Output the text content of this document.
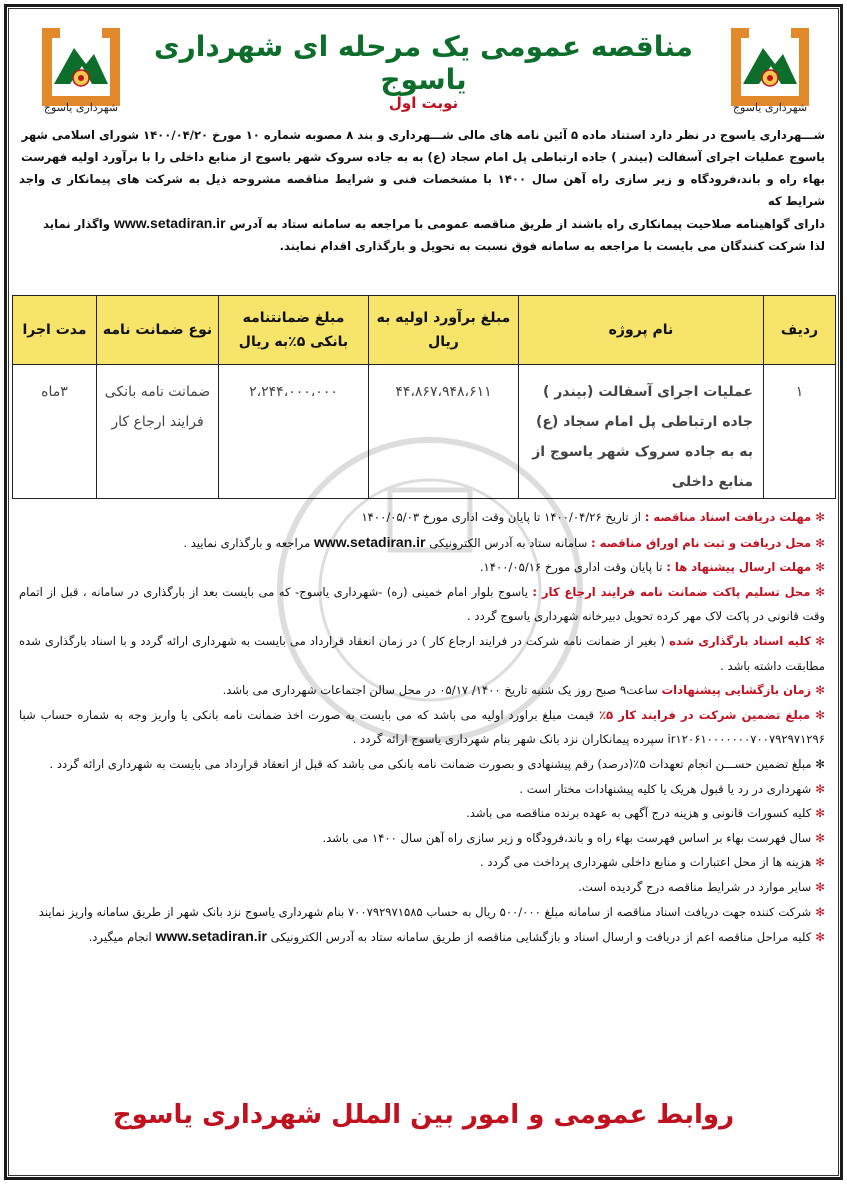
شهرداری یاسوج
شهرداری یاسوج
مناقصه عمومی یک مرحله ای شهرداری یاسوج
نوبت اول
شـــهرداری یاسوج در نظر دارد استناد ماده ۵ آئین نامه های مالی شـــهرداری و بند ۸ مصوبه شماره ۱۰ مورخ ۱۴۰۰/۰۴/۲۰ شورای اسلامی شهر
یاسوج عملیات اجرای آسفالت (بیندر ) جاده ارتباطی پل امام سجاد (ع) به به جاده سروک شهر یاسوج از منابع داخلی را با برآورد اولیه فهرست
بهاء راه و باند،فرودگاه و زیر سازی راه آهن سال ۱۴۰۰ با مشخصات فنی و شرایط مناقصه مشروحه ذیل به شرکت های پیمانکار ی واجد شرایط که
دارای گواهینامه صلاحیت پیمانکاری راه باشند از طریق مناقصه عمومی با مراجعه به سامانه ستاد به آدرس www.setadiran.ir واگذار نماید
لذا شرکت کنندگان می بایست با مراجعه به سامانه فوق نسبت به تحویل و بارگذاری اقدام نمایند.
ردیف	نام پروژه	مبلغ برآورد اولیه به ریال	مبلغ ضمانتنامه بانکی ۵٪به ریال	نوع ضمانت نامه	مدت اجرا
۱	عملیات اجرای آسفالت (بیندر ) جاده ارتباطی پل امام سجاد (ع) به به جاده سروک شهر یاسوج از منابع داخلی	۴۴،۸۶۷،۹۴۸،۶۱۱	۲،۲۴۴،۰۰۰،۰۰۰	ضمانت نامه بانکی فرایند ارجاع کار	۳ماه

✻ مهلت دریافت اسناد مناقصه : از تاریخ ۱۴۰۰/۰۴/۲۶ تا پایان وقت اداری مورخ ۱۴۰۰/۰۵/۰۳

✻ محل دریافت و ثبت نام اوراق مناقصه : سامانه ستاد به آدرس الکترونیکی www.setadiran.ir مراجعه و بارگذاری نمایید .

✻ مهلت ارسال پیشنهاد ها : تا پایان وقت اداری مورخ ۱۴۰۰/۰۵/۱۶.

✻ محل تسلیم پاکت ضمانت نامه فرایند ارجاع کار : یاسوج بلوار امام خمینی (ره) -شهرداری یاسوج- که می بایست بعد از بارگذاری در سامانه ، قبل از اتمام وقت قانونی در پاکت لاک مهر کرده تحویل دبیرخانه شهرداری یاسوج گردد .

✻ کلیه اسناد بارگذاری شده ( بغیر از ضمانت نامه شرکت در فرایند ارجاع کار ) در زمان انعقاد قرارداد می بایست به شهرداری ارائه گردد و با اسناد بارگذاری شده مطابقت داشته باشد .

✻ زمان بازگشایی پیشنهادات ساعت۹ صبح روز یک شنبه تاریخ ۱۴۰۰/ ۰۵/۱۷ در محل سالن اجتماعات شهرداری می باشد.

✻ مبلغ تضمین شرکت در فرایند کار ۵٪ قیمت مبلغ براورد اولیه می باشد که می بایست به صورت اخذ ضمانت نامه بانکی یا واریز وجه به شماره حساب شبا ir۱۲۰۶۱۰۰۰۰۰۰۰۷۰۰۷۹۲۹۷۱۲۹۶ سپرده پیمانکاران نزد بانک شهر بنام شهرداری یاسوج ارائه گردد .

✻ مبلغ تضمین حســـن انجام تعهدات ۵٪(درصد) رقم پیشنهادی و بصورت ضمانت نامه بانکی می باشد که قبل از انعقاد قرارداد می بایست به شهرداری ارائه گردد .

✻ شهرداری در رد یا قبول هریک یا کلیه پیشنهادات مختار است .

✻ کلیه کسورات قانونی و هزینه درج آگهی به عهده برنده مناقصه می باشد.

✻ سال فهرست بهاء بر اساس فهرست بهاء راه و باند،فرودگاه و زیر سازی راه آهن سال ۱۴۰۰ می باشد.

✻ هزینه ها از محل اعتبارات و منابع داخلی شهرداری پرداخت می گردد .

✻ سایر موارد در شرایط مناقصه درج گردیده است.

✻ شرکت کننده جهت دریافت اسناد مناقصه از سامانه مبلغ ۵۰۰/۰۰۰ ریال به حساب ۷۰۰۷۹۲۹۷۱۵۸۵ بنام شهرداری یاسوج نزد بانک شهر از طریق سامانه واریز نمایند

✻ کلیه مراحل مناقصه اعم از دریافت و ارسال اسناد و بازگشایی مناقصه از طریق سامانه ستاد به آدرس الکترونیکی www.setadiran.ir انجام میگیرد.

روابط عمومی و امور بین الملل شهرداری یاسوج
